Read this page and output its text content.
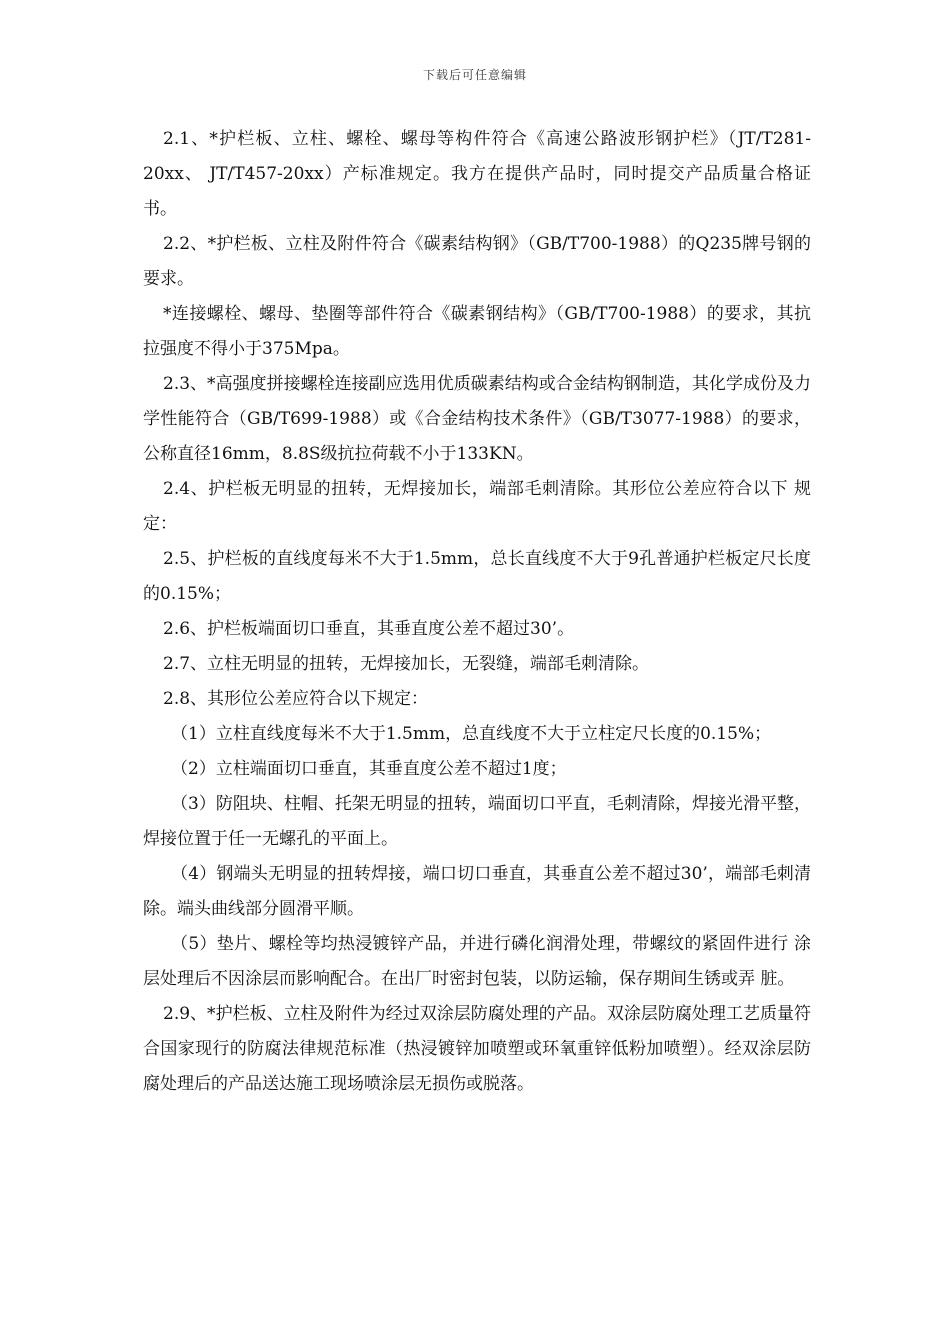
下载后可任意编辑

2.1、*护栏板、立柱、螺栓、螺母等构件符合《高速公路波形钢护栏》（JT/T281-20xx、 JT/T457-20xx）产标准规定。我方在提供产品时，同时提交产品质量合格证书。

2.2、*护栏板、立柱及附件符合《碳素结构钢》（GB/T700-1988）的Q235牌号钢的要求。

*连接螺栓、螺母、垫圈等部件符合《碳素钢结构》（GB/T700-1988）的要求，其抗拉强度不得小于375Mpa。

2.3、*高强度拼接螺栓连接副应选用优质碳素结构或合金结构钢制造，其化学成份及力学性能符合（GB/T699-1988）或《合金结构技术条件》（GB/T3077-1988）的要求，公称直径16mm，8.8S级抗拉荷载不小于133KN。

2.4、护栏板无明显的扭转，无焊接加长，端部毛刺清除。其形位公差应符合以下 规定：

2.5、护栏板的直线度每米不大于1.5mm，总长直线度不大于9孔普通护栏板定尺长度的0.15%；

2.6、护栏板端面切口垂直，其垂直度公差不超过30’。

2.7、立柱无明显的扭转，无焊接加长，无裂缝，端部毛刺清除。

2.8、其形位公差应符合以下规定：

（1）立柱直线度每米不大于1.5mm，总直线度不大于立柱定尺长度的0.15%；

（2）立柱端面切口垂直，其垂直度公差不超过1度；

（3）防阻块、柱帽、托架无明显的扭转，端面切口平直，毛刺清除，焊接光滑平整，焊接位置于任一无螺孔的平面上。

（4）钢端头无明显的扭转焊接，端口切口垂直，其垂直公差不超过30’，端部毛刺清除。端头曲线部分圆滑平顺。

（5）垫片、螺栓等均热浸镀锌产品，并进行磷化润滑处理，带螺纹的紧固件进行 涂层处理后不因涂层而影响配合。在出厂时密封包装，以防运输，保存期间生锈或弄 脏。

2.9、*护栏板、立柱及附件为经过双涂层防腐处理的产品。双涂层防腐处理工艺质量符合国家现行的防腐法律规范标准（热浸镀锌加喷塑或环氧重锌低粉加喷塑）。经双涂层防腐处理后的产品送达施工现场喷涂层无损伤或脱落。
